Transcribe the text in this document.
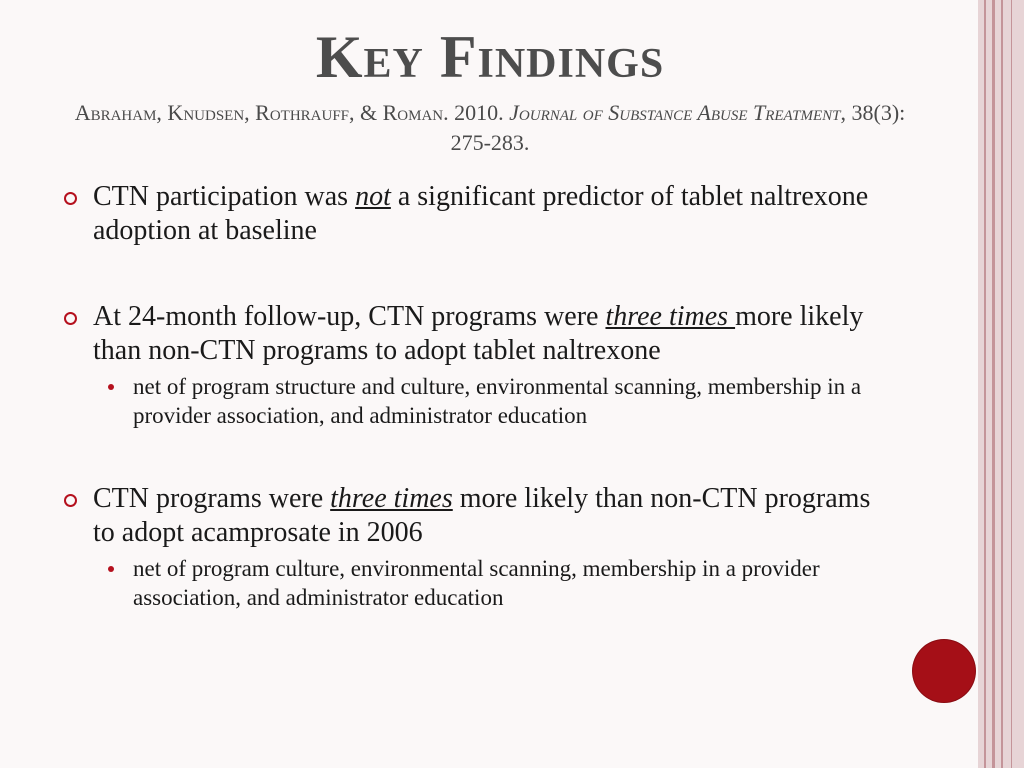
Key Findings

Abraham, Knudsen, Rothrauff, & Roman. 2010. Journal of Substance Abuse Treatment, 38(3): 275-283.

CTN participation was not a significant predictor of tablet naltrexone adoption at baseline

At 24-month follow-up, CTN programs were three times more likely than non-CTN programs to adopt tablet naltrexone

net of program structure and culture, environmental scanning, membership in a provider association, and administrator education

CTN programs were three times more likely than non-CTN programs to adopt acamprosate in 2006

net of program culture, environmental scanning, membership in a provider association, and administrator education
